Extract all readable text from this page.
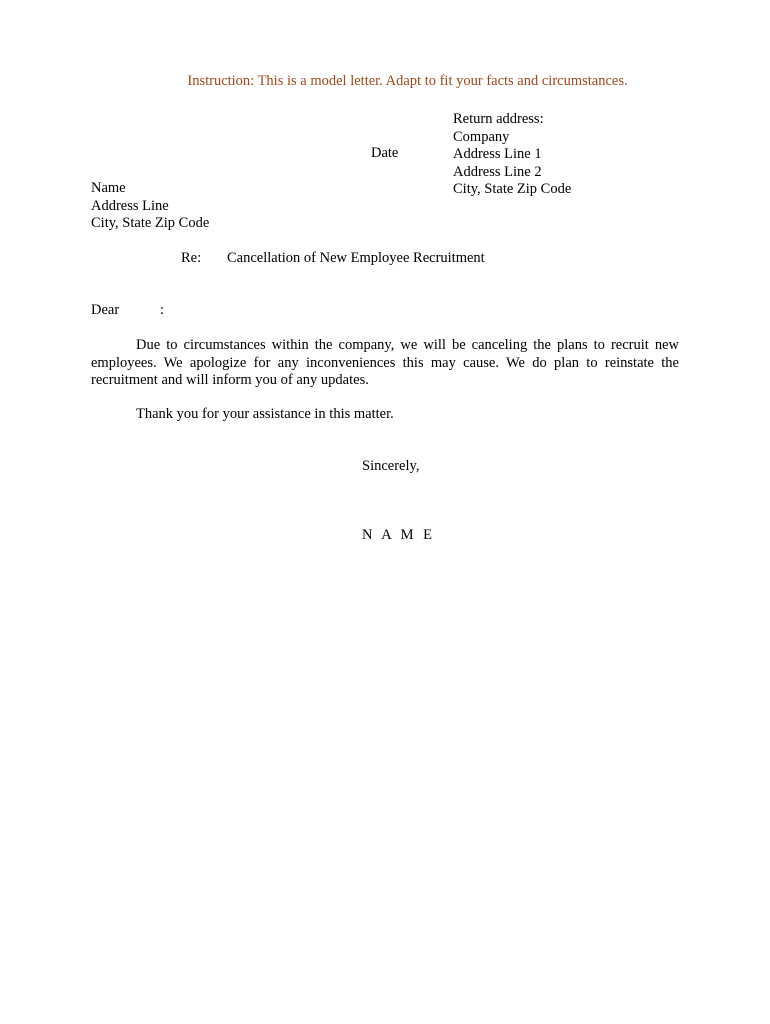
Instruction: This is a model letter. Adapt to fit your facts and circumstances.
Return address:
Company
Address Line 1
Address Line 2
City, State Zip Code
Date
Name
Address Line
City, State Zip Code
Re: Cancellation of New Employee Recruitment
Dear	:
Due to circumstances within the company, we will be canceling the plans to recruit new employees. We apologize for any inconveniences this may cause. We do plan to reinstate the recruitment and will inform you of any updates.
Thank you for your assistance in this matter.
Sincerely,
N A M E
